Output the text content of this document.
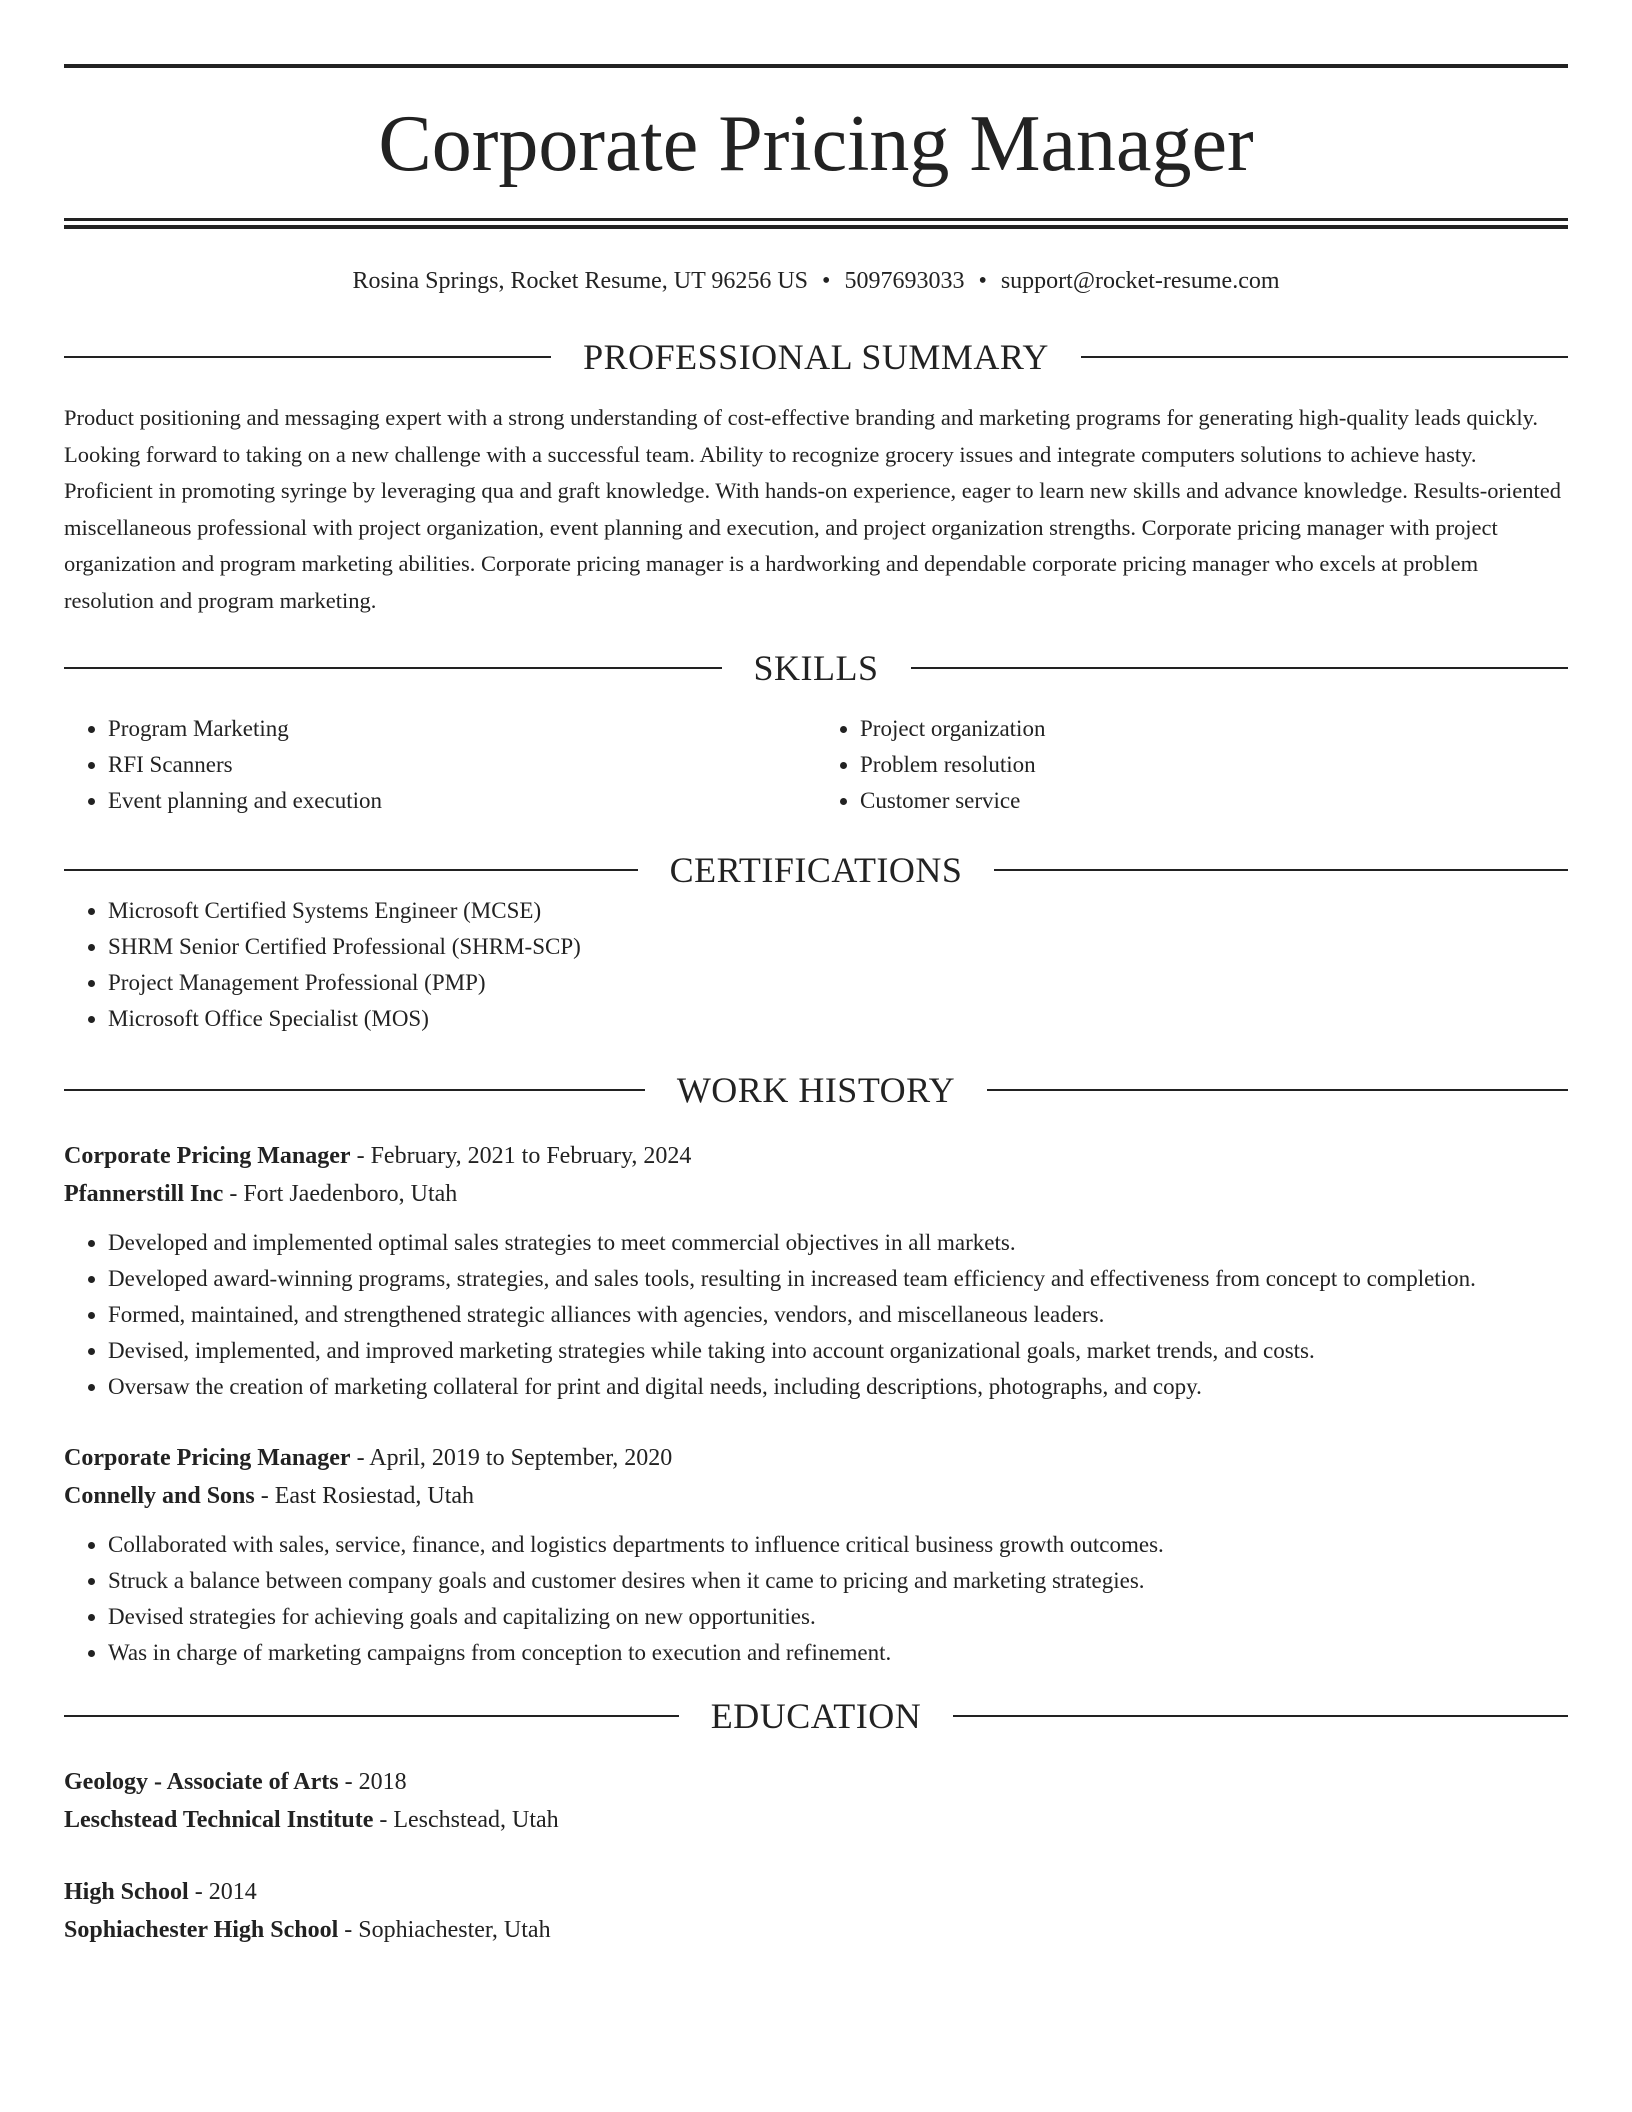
Corporate Pricing Manager
Rosina Springs, Rocket Resume, UT 96256 US • 5097693033 • support@rocket-resume.com
PROFESSIONAL SUMMARY
Product positioning and messaging expert with a strong understanding of cost-effective branding and marketing programs for generating high-quality leads quickly. Looking forward to taking on a new challenge with a successful team. Ability to recognize grocery issues and integrate computers solutions to achieve hasty. Proficient in promoting syringe by leveraging qua and graft knowledge. With hands-on experience, eager to learn new skills and advance knowledge. Results-oriented miscellaneous professional with project organization, event planning and execution, and project organization strengths. Corporate pricing manager with project organization and program marketing abilities. Corporate pricing manager is a hardworking and dependable corporate pricing manager who excels at problem resolution and program marketing.
SKILLS
• Program Marketing
• RFI Scanners
• Event planning and execution
• Project organization
• Problem resolution
• Customer service
CERTIFICATIONS
• Microsoft Certified Systems Engineer (MCSE)
• SHRM Senior Certified Professional (SHRM-SCP)
• Project Management Professional (PMP)
• Microsoft Office Specialist (MOS)
WORK HISTORY
Corporate Pricing Manager - February, 2021 to February, 2024
Pfannerstill Inc - Fort Jaedenboro, Utah
• Developed and implemented optimal sales strategies to meet commercial objectives in all markets.
• Developed award-winning programs, strategies, and sales tools, resulting in increased team efficiency and effectiveness from concept to completion.
• Formed, maintained, and strengthened strategic alliances with agencies, vendors, and miscellaneous leaders.
• Devised, implemented, and improved marketing strategies while taking into account organizational goals, market trends, and costs.
• Oversaw the creation of marketing collateral for print and digital needs, including descriptions, photographs, and copy.
Corporate Pricing Manager - April, 2019 to September, 2020
Connelly and Sons - East Rosiestad, Utah
• Collaborated with sales, service, finance, and logistics departments to influence critical business growth outcomes.
• Struck a balance between company goals and customer desires when it came to pricing and marketing strategies.
• Devised strategies for achieving goals and capitalizing on new opportunities.
• Was in charge of marketing campaigns from conception to execution and refinement.
EDUCATION
Geology - Associate of Arts - 2018
Leschstead Technical Institute - Leschstead, Utah
High School - 2014
Sophiachester High School - Sophiachester, Utah
